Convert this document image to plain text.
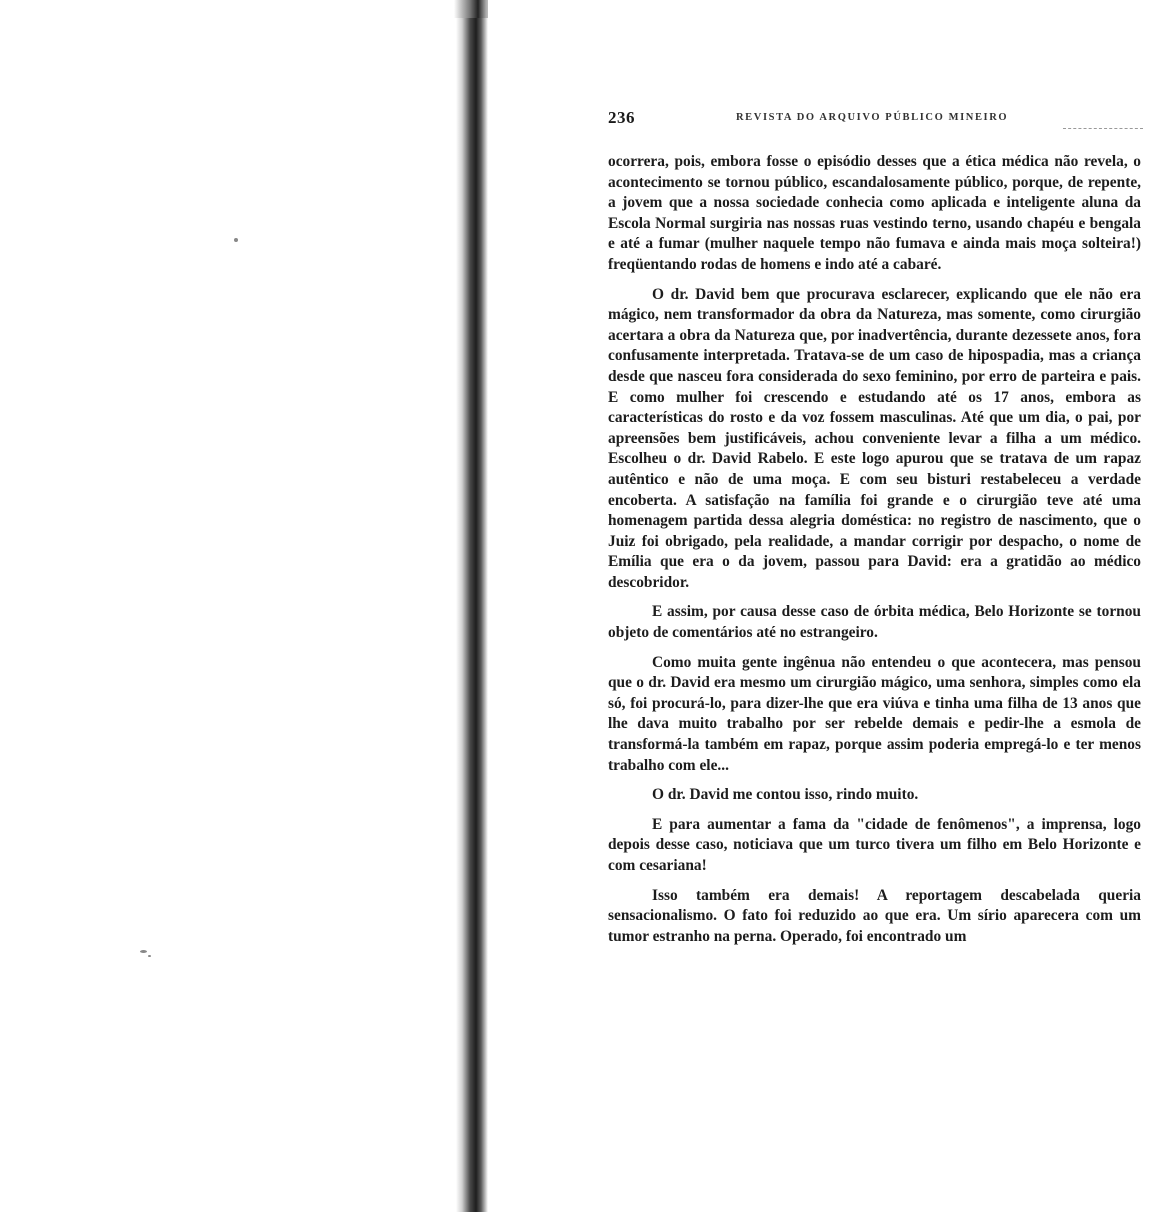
236	REVISTA DO ARQUIVO PÚBLICO MINEIRO

ocorrera, pois, embora fosse o episódio desses que a ética médica não revela, o acontecimento se tornou público, escandalosamente público, porque, de repente, a jovem que a nossa sociedade conhecia como aplicada e inteligente aluna da Escola Normal surgiria nas nossas ruas vestindo terno, usando chapéu e bengala e até a fumar (mulher naquele tempo não fumava e ainda mais moça solteira!) freqüentando rodas de homens e indo até a cabaré.

O dr. David bem que procurava esclarecer, explicando que ele não era mágico, nem transformador da obra da Natureza, mas somente, como cirurgião acertara a obra da Natureza que, por inadvertência, durante dezessete anos, fora confusamente interpretada. Tratava-se de um caso de hipospadia, mas a criança desde que nasceu fora considerada do sexo feminino, por erro de parteira e pais. E como mulher foi crescendo e estudando até os 17 anos, embora as características do rosto e da voz fossem masculinas. Até que um dia, o pai, por apreensões bem justificáveis, achou conveniente levar a filha a um médico. Escolheu o dr. David Rabelo. E este logo apurou que se tratava de um rapaz autêntico e não de uma moça. E com seu bisturi restabeleceu a verdade encoberta. A satisfação na família foi grande e o cirurgião teve até uma homenagem partida dessa alegria doméstica: no registro de nascimento, que o Juiz foi obrigado, pela realidade, a mandar corrigir por despacho, o nome de Emília que era o da jovem, passou para David: era a gratidão ao médico descobridor.

E assim, por causa desse caso de órbita médica, Belo Horizonte se tornou objeto de comentários até no estrangeiro.

Como muita gente ingênua não entendeu o que acontecera, mas pensou que o dr. David era mesmo um cirurgião mágico, uma senhora, simples como ela só, foi procurá-lo, para dizer-lhe que era viúva e tinha uma filha de 13 anos que lhe dava muito trabalho por ser rebelde demais e pedir-lhe a esmola de transformá-la também em rapaz, porque assim poderia empregá-lo e ter menos trabalho com ele...

O dr. David me contou isso, rindo muito.

E para aumentar a fama da "cidade de fenômenos", a imprensa, logo depois desse caso, noticiava que um turco tivera um filho em Belo Horizonte e com cesariana!

Isso também era demais! A reportagem descabelada queria sensacionalismo. O fato foi reduzido ao que era. Um sírio aparecera com um tumor estranho na perna. Operado, foi encontrado um
